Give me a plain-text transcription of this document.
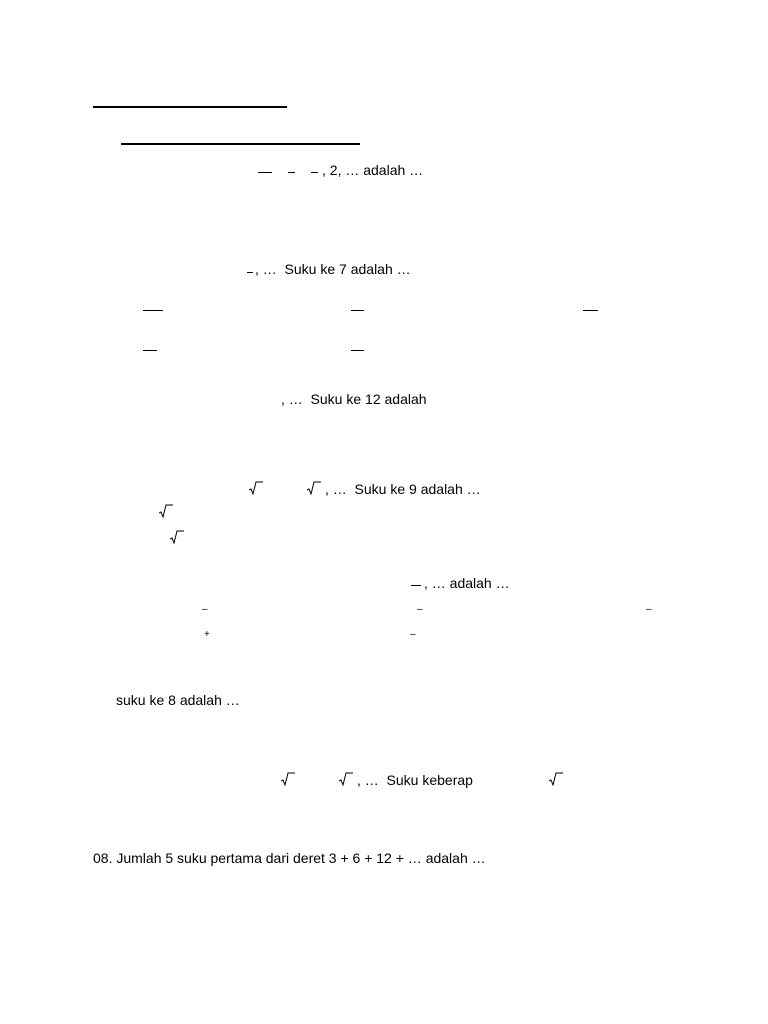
, 2, … adalah …
, …  Suku ke 7 adalah …
, …  Suku ke 12 adalah
, …  Suku ke 9 adalah …
, … adalah …
–	–	–
+	–
suku ke 8 adalah …
, …  Suku keberap
08. Jumlah 5 suku pertama dari deret 3 + 6 + 12 + … adalah …
